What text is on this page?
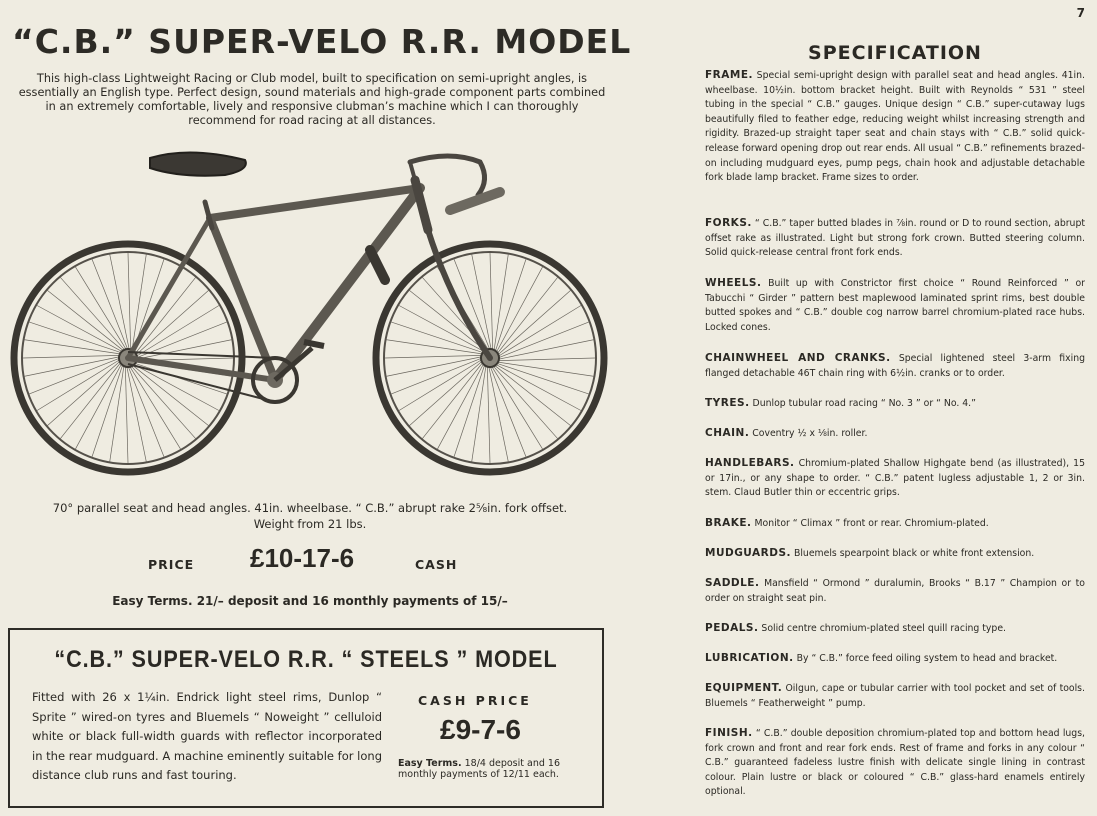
7
“C.B.” SUPER-VELO R.R. MODEL

This high-class Lightweight Racing or Club model, built to specification on semi-upright angles, is essentially an English type. Perfect design, sound materials and high-grade component parts combined in an extremely comfortable, lively and responsive clubman’s machine which I can thoroughly recommend for road racing at all distances.

Claud Butler
70° parallel seat and head angles. 41in. wheelbase. “ C.B.” abrupt rake 2⅝in. fork offset.
Weight from 21 lbs.
PRICE £10-17-6	CASH
Easy Terms. 21/– deposit and 16 monthly payments of 15/–
“C.B.” SUPER-VELO R.R. “ STEELS ” MODEL
Fitted with 26 x 1¼in. Endrick light steel rims, Dunlop “ Sprite ” wired-on tyres and Bluemels “ Noweight ” celluloid white or black full-width guards with reflector incorporated in the rear mudguard. A machine eminently suitable for long distance club runs and fast touring.
CASH PRICE
£9-7-6
Easy Terms. 18/4 deposit and 16 monthly payments of 12/11 each.
SPECIFICATION
FRAME. Special semi-upright design with parallel seat and head angles. 41in. wheelbase. 10½in. bottom bracket height. Built with Reynolds “ 531 ” steel tubing in the special “ C.B.” gauges. Unique design “ C.B.” super-cutaway lugs beautifully filed to feather edge, reducing weight whilst increasing strength and rigidity. Brazed-up straight taper seat and chain stays with “ C.B.” solid quick-release forward opening drop out rear ends. All usual “ C.B.” refinements brazed-on including mudguard eyes, pump pegs, chain hook and adjustable detachable fork blade lamp bracket. Frame sizes to order.
FORKS. “ C.B.” taper butted blades in ⅞in. round or D to round section, abrupt offset rake as illustrated. Light but strong fork crown. Butted steering column. Solid quick-release central front fork ends.
WHEELS. Built up with Constrictor first choice “ Round Reinforced ” or Tabucchi “ Girder ” pattern best maplewood laminated sprint rims, best double butted spokes and “ C.B.” double cog narrow barrel chromium-plated race hubs. Locked cones.
CHAINWHEEL AND CRANKS. Special lightened steel 3-arm fixing flanged detachable 46T chain ring with 6½in. cranks or to order.
TYRES. Dunlop tubular road racing “ No. 3 ” or “ No. 4.”
CHAIN. Coventry ½ x ⅛in. roller.
HANDLEBARS. Chromium-plated Shallow Highgate bend (as illustrated), 15 or 17in., or any shape to order. “ C.B.” patent lugless adjustable 1, 2 or 3in. stem. Claud Butler thin or eccentric grips.
BRAKE. Monitor “ Climax ” front or rear. Chromium-plated.
MUDGUARDS. Bluemels spearpoint black or white front extension.
SADDLE. Mansfield “ Ormond ” duralumin, Brooks “ B.17 ” Champion or to order on straight seat pin.
PEDALS. Solid centre chromium-plated steel quill racing type.
LUBRICATION. By “ C.B.” force feed oiling system to head and bracket.
EQUIPMENT. Oilgun, cape or tubular carrier with tool pocket and set of tools. Bluemels “ Featherweight ” pump.
FINISH. “ C.B.” double deposition chromium-plated top and bottom head lugs, fork crown and front and rear fork ends. Rest of frame and forks in any colour “ C.B.” guaranteed fadeless lustre finish with delicate single lining in contrast colour. Plain lustre or black or coloured “ C.B.” glass-hard enamels entirely optional.
